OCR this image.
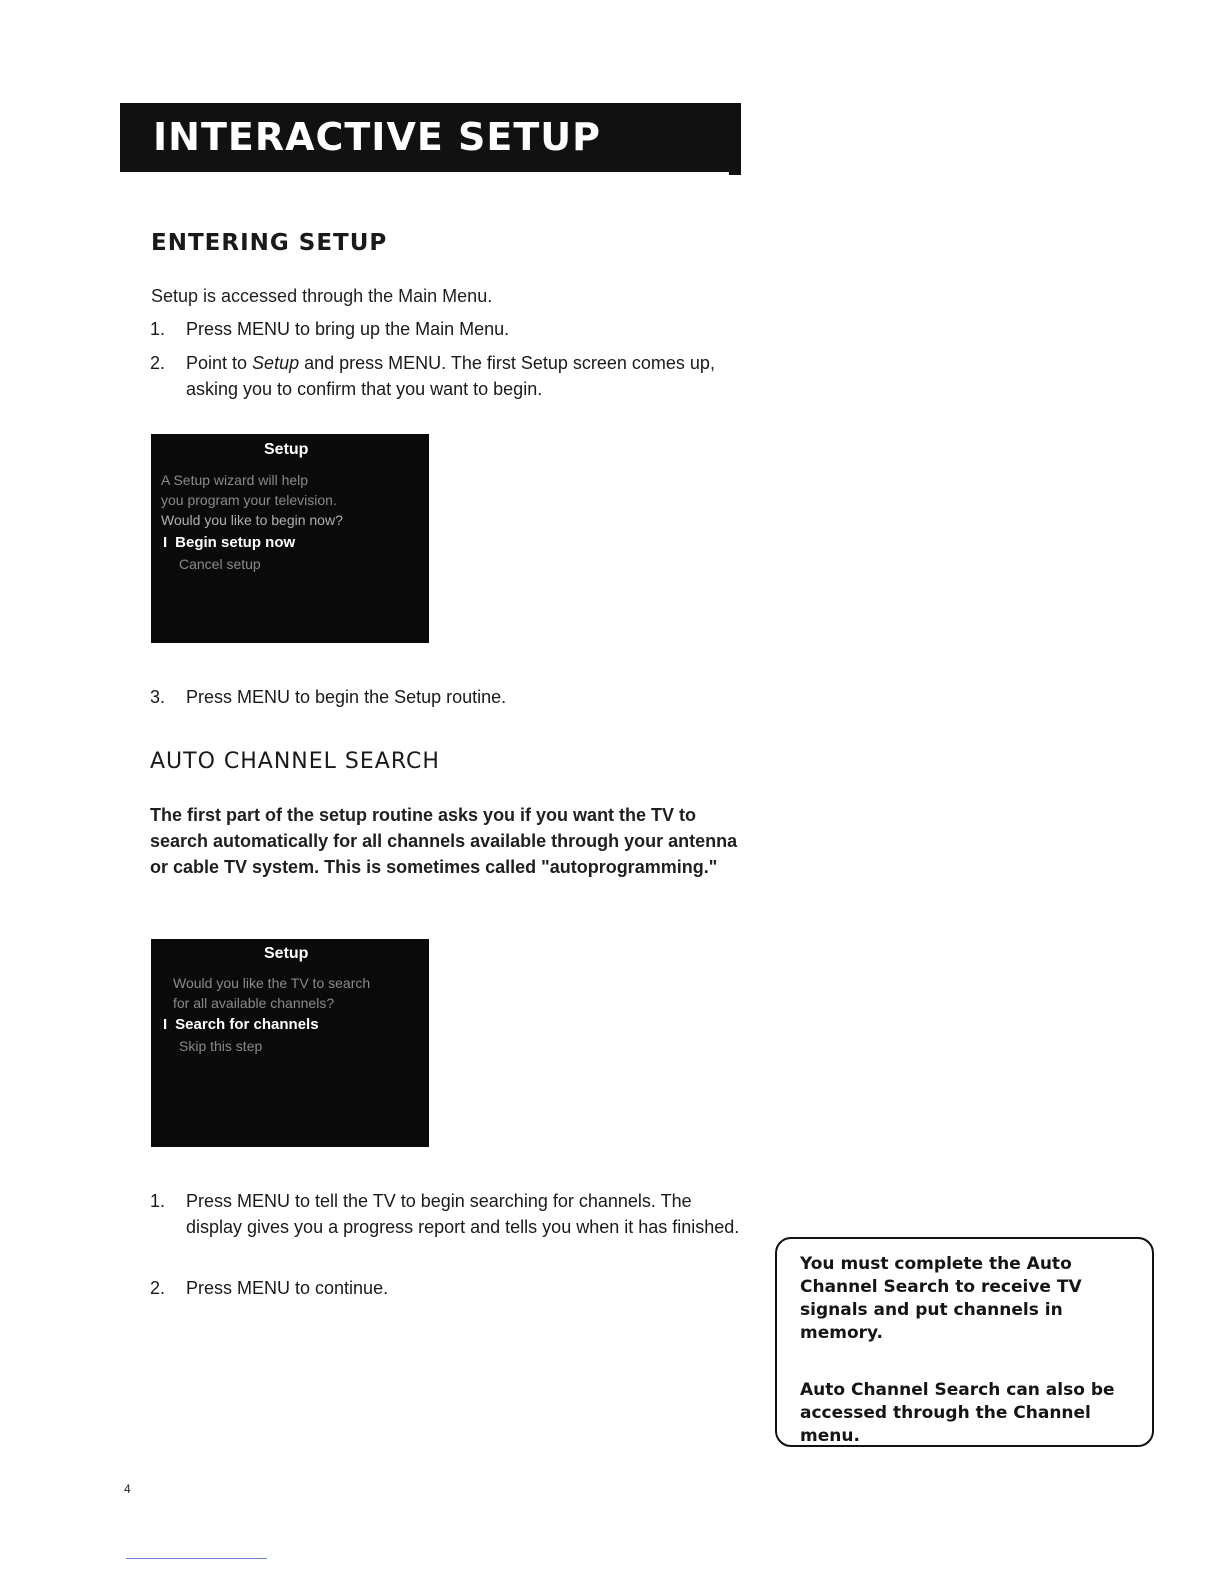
INTERACTIVE SETUP
ENTERING SETUP
Setup is accessed through the Main Menu.
1. Press MENU to bring up the Main Menu.
2. Point to Setup and press MENU. The first Setup screen comes up, asking you to confirm that you want to begin.
Setup
A Setup wizard will help
you program your television.
Would you like to begin now?
I Begin setup now
Cancel setup
3. Press MENU to begin the Setup routine.
AUTO CHANNEL SEARCH
The first part of the setup routine asks you if you want the TV to search automatically for all channels available through your antenna or cable TV system. This is sometimes called "autoprogramming."
Setup
Would you like the TV to search
for all available channels?
I Search for channels
Skip this step
1. Press MENU to tell the TV to begin searching for channels. The display gives you a progress report and tells you when it has finished.
2. Press MENU to continue.

You must complete the Auto Channel Search to receive TV signals and put channels in memory.

Auto Channel Search can also be accessed through the Channel menu.

4
